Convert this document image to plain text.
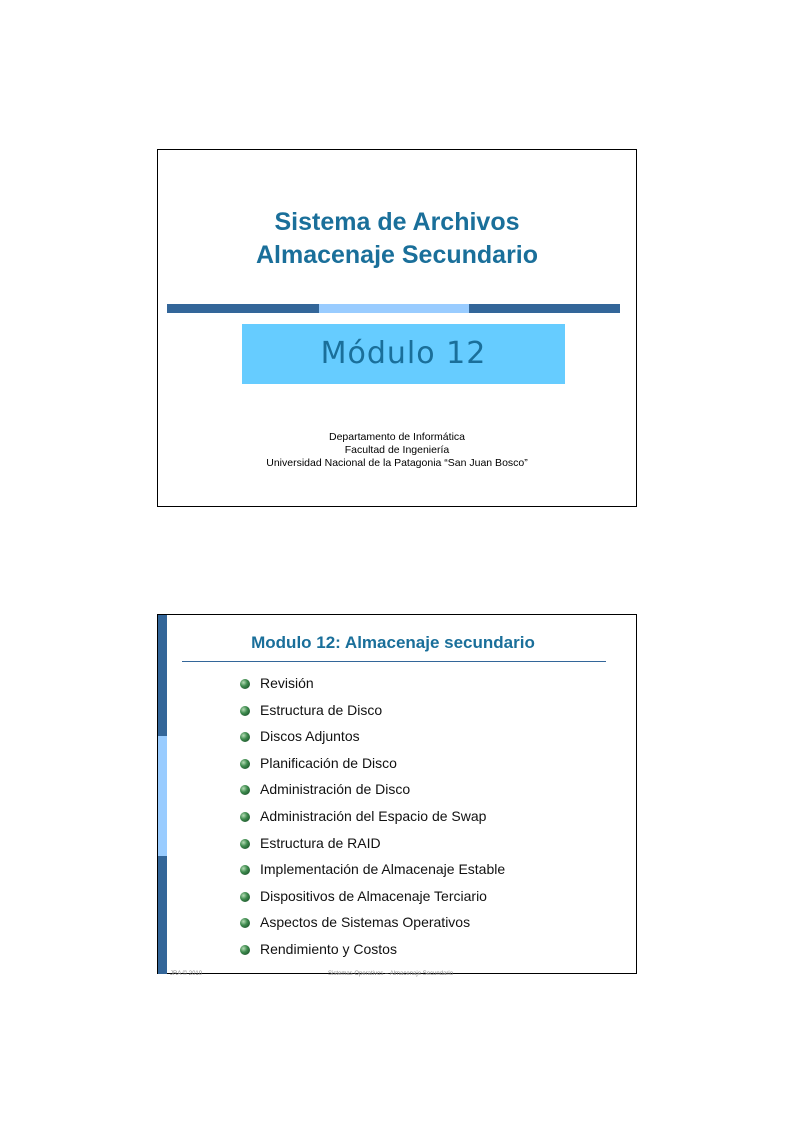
Sistema de Archivos
Almacenaje Secundario
Módulo 12
Departamento de Informática
Facultad de Ingeniería
Universidad Nacional de la Patagonia “San Juan Bosco”
Modulo 12: Almacenaje secundario
Revisión
Estructura de Disco
Discos Adjuntos
Planificación de Disco
Administración de Disco
Administración del Espacio de Swap
Estructura de RAID
Implementación de Almacenaje Estable
Dispositivos de Almacenaje Terciario
Aspectos de Sistemas Operativos
Rendimiento y Costos
JRA © 2010	Sistemas Operativos – Almacenaje Secundario
